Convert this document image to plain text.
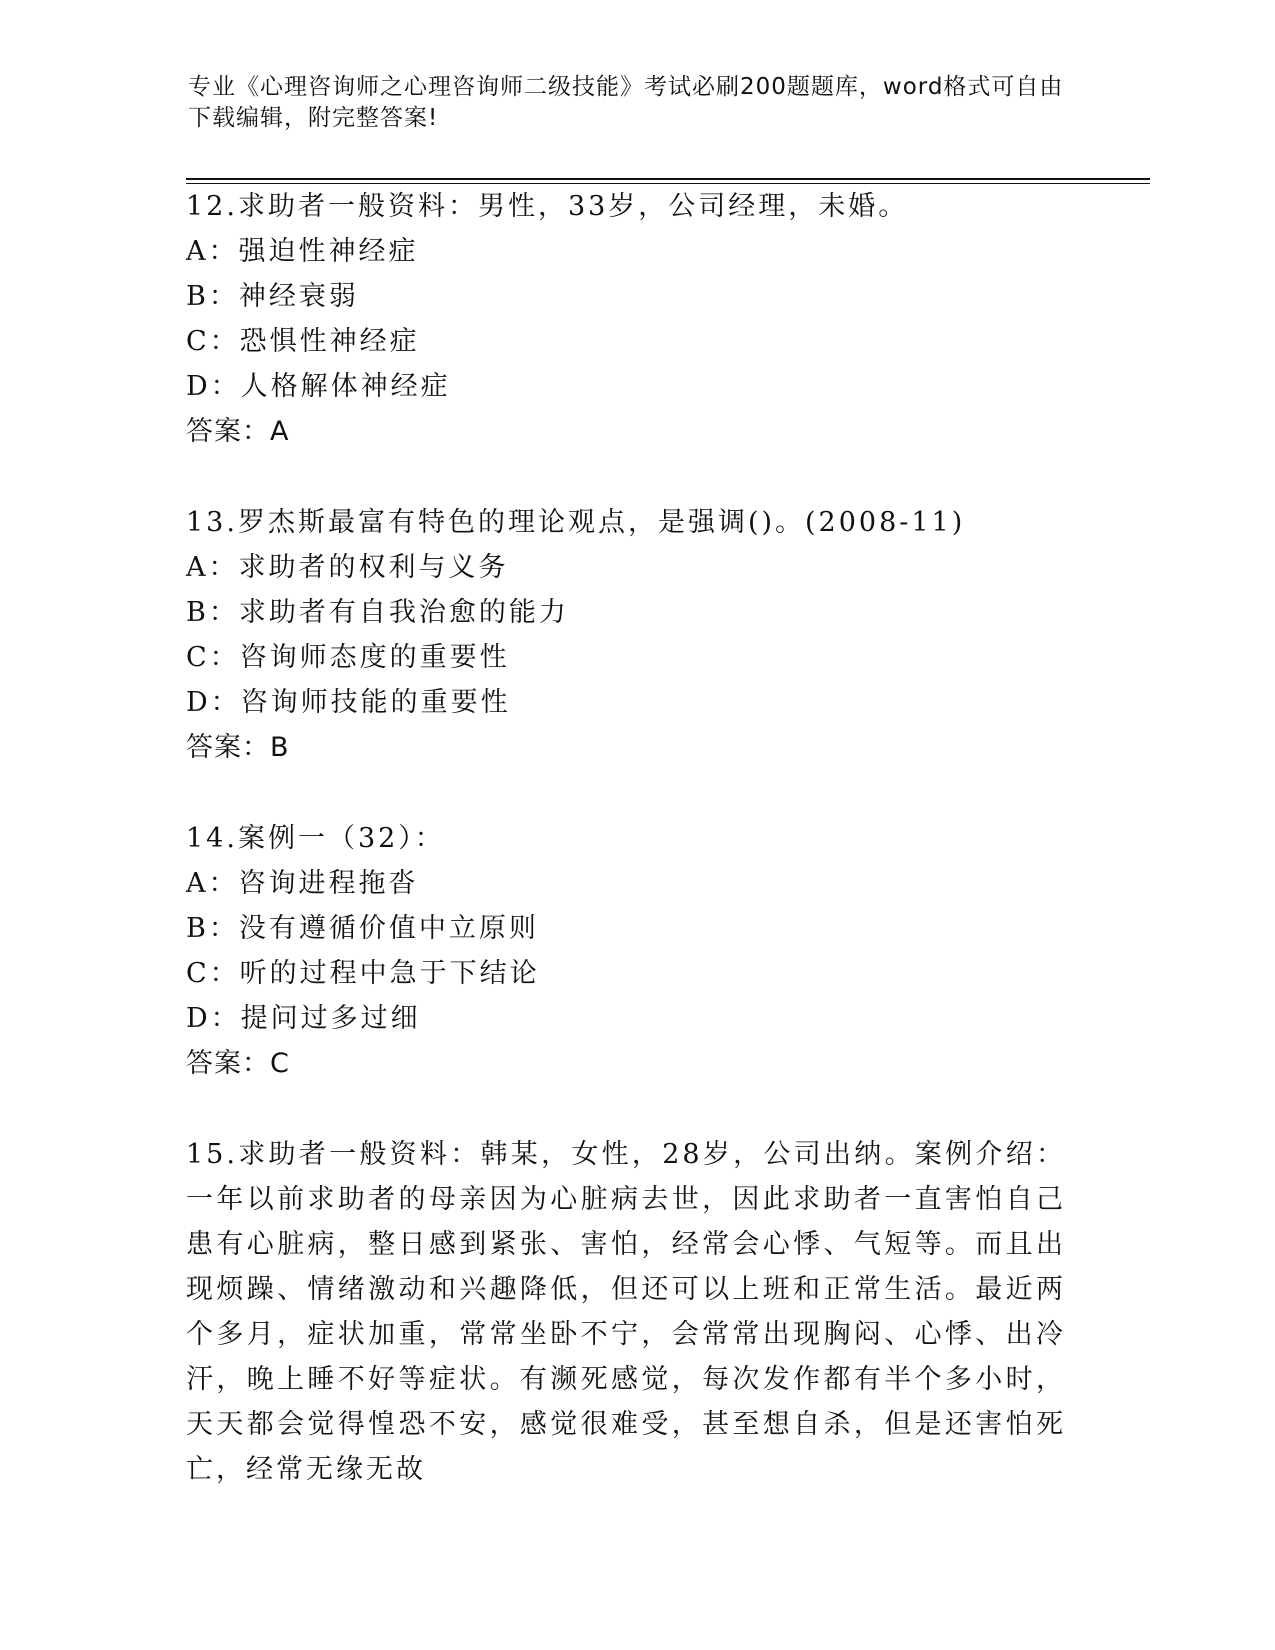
专业《心理咨询师之心理咨询师二级技能》考试必刷200题题库，word格式可自由下载编辑，附完整答案!
12.求助者一般资料：男性，33岁，公司经理，未婚。
A：强迫性神经症
B：神经衰弱
C：恐惧性神经症
D：人格解体神经症
答案：A
13.罗杰斯最富有特色的理论观点，是强调()。(2008-11)
A：求助者的权利与义务
B：求助者有自我治愈的能力
C：咨询师态度的重要性
D：咨询师技能的重要性
答案：B
14.案例一（32）：
A：咨询进程拖沓
B：没有遵循价值中立原则
C：听的过程中急于下结论
D：提问过多过细
答案：C
15.求助者一般资料：韩某，女性，28岁，公司出纳。案例介绍：一年以前求助者的母亲因为心脏病去世，因此求助者一直害怕自己患有心脏病，整日感到紧张、害怕，经常会心悸、气短等。而且出现烦躁、情绪激动和兴趣降低，但还可以上班和正常生活。最近两个多月，症状加重，常常坐卧不宁，会常常出现胸闷、心悸、出冷汗，晚上睡不好等症状。有濒死感觉，每次发作都有半个多小时，天天都会觉得惶恐不安，感觉很难受，甚至想自杀，但是还害怕死亡，经常无缘无故
